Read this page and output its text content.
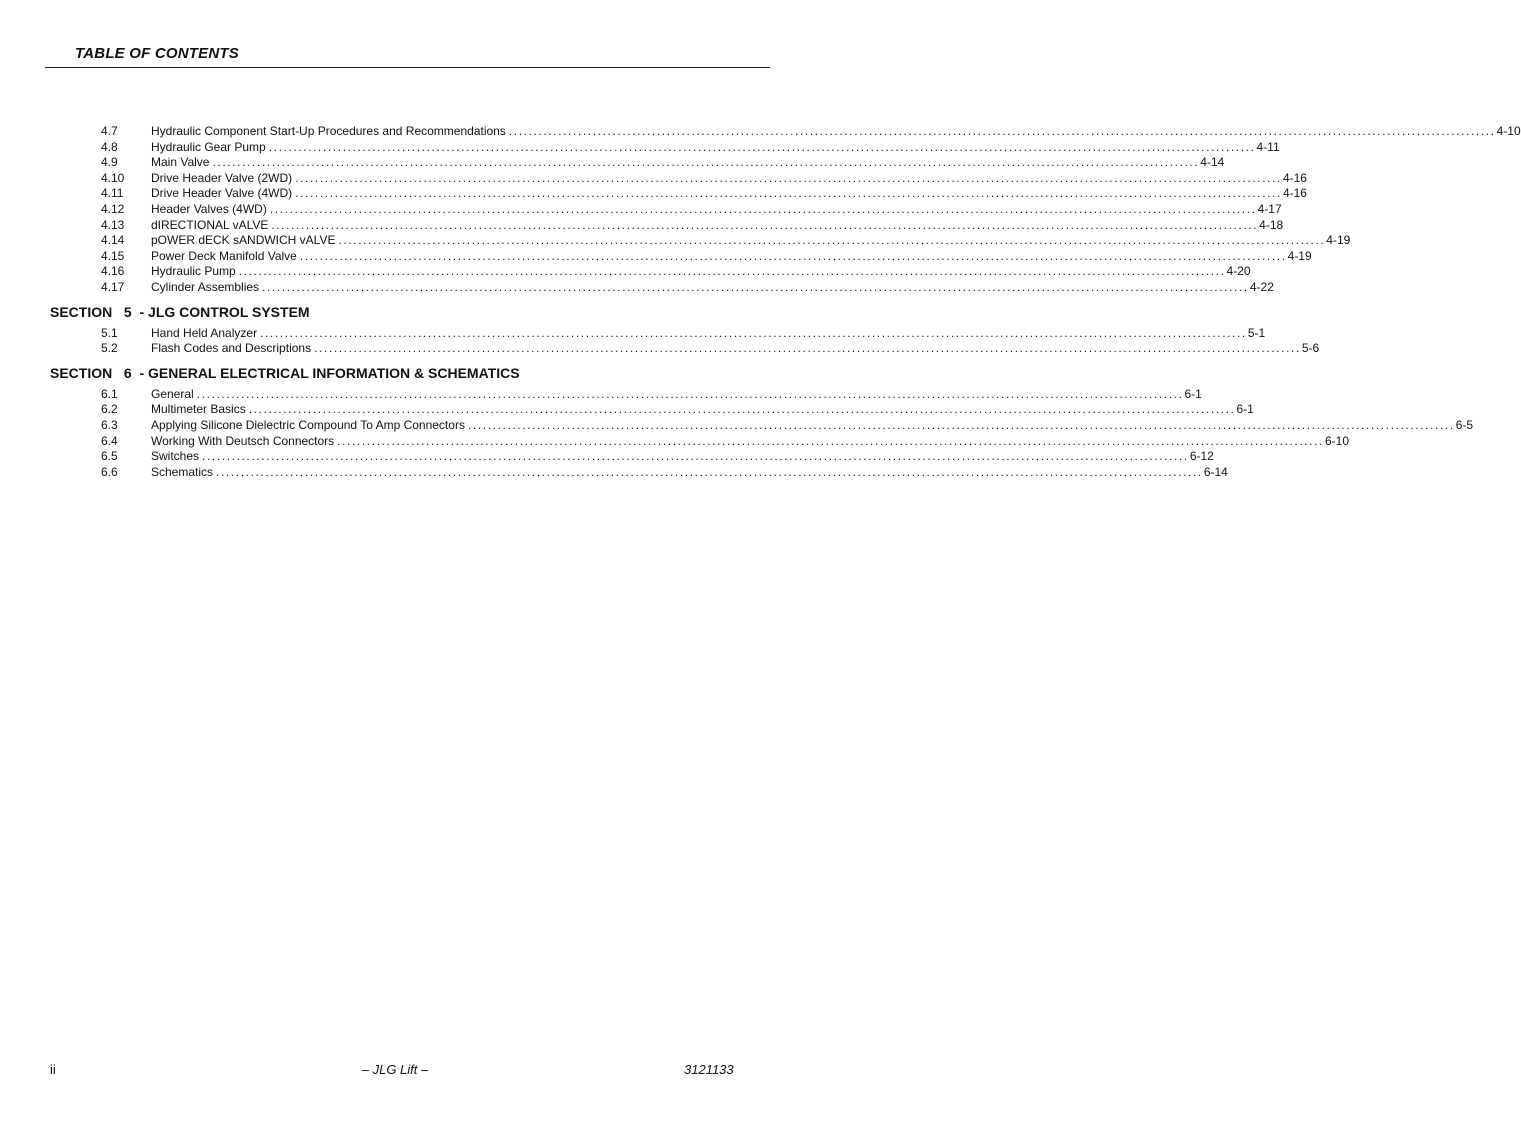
TABLE OF CONTENTS
4.7	Hydraulic Component Start-Up Procedures and Recommendations ........................................................................................................................................................................................................ 4-10
4.8	Hydraulic Gear Pump ........................................................................................................................................................................................................ 4-11
4.9	Main Valve ........................................................................................................................................................................................................ 4-14
4.10 Drive Header Valve (2WD) ........................................................................................................................................................................................................ 4-16
4.11 Drive Header Valve (4WD) ........................................................................................................................................................................................................ 4-16
4.12 Header Valves (4WD) ........................................................................................................................................................................................................ 4-17
4.13 dIRECTIONAL vALVE ........................................................................................................................................................................................................ 4-18
4.14 pOWER dECK sANDWICH vALVE ........................................................................................................................................................................................................ 4-19
4.15 Power Deck Manifold Valve ........................................................................................................................................................................................................ 4-19
4.16 Hydraulic Pump ........................................................................................................................................................................................................ 4-20
4.17 Cylinder Assemblies ........................................................................................................................................................................................................ 4-22
SECTION 5 - JLG CONTROL SYSTEM
5.1	Hand Held Analyzer ........................................................................................................................................................................................................ 5-1
5.2	Flash Codes and Descriptions ........................................................................................................................................................................................................ 5-6
SECTION 6 - GENERAL ELECTRICAL INFORMATION & SCHEMATICS
6.1	General ........................................................................................................................................................................................................ 6-1
6.2	Multimeter Basics ........................................................................................................................................................................................................ 6-1
6.3	Applying Silicone Dielectric Compound To Amp Connectors ........................................................................................................................................................................................................ 6-5
6.4	Working With Deutsch Connectors ........................................................................................................................................................................................................ 6-10
6.5	Switches ........................................................................................................................................................................................................ 6-12
6.6	Schematics ........................................................................................................................................................................................................ 6-14
ii	– JLG Lift –	3121133
